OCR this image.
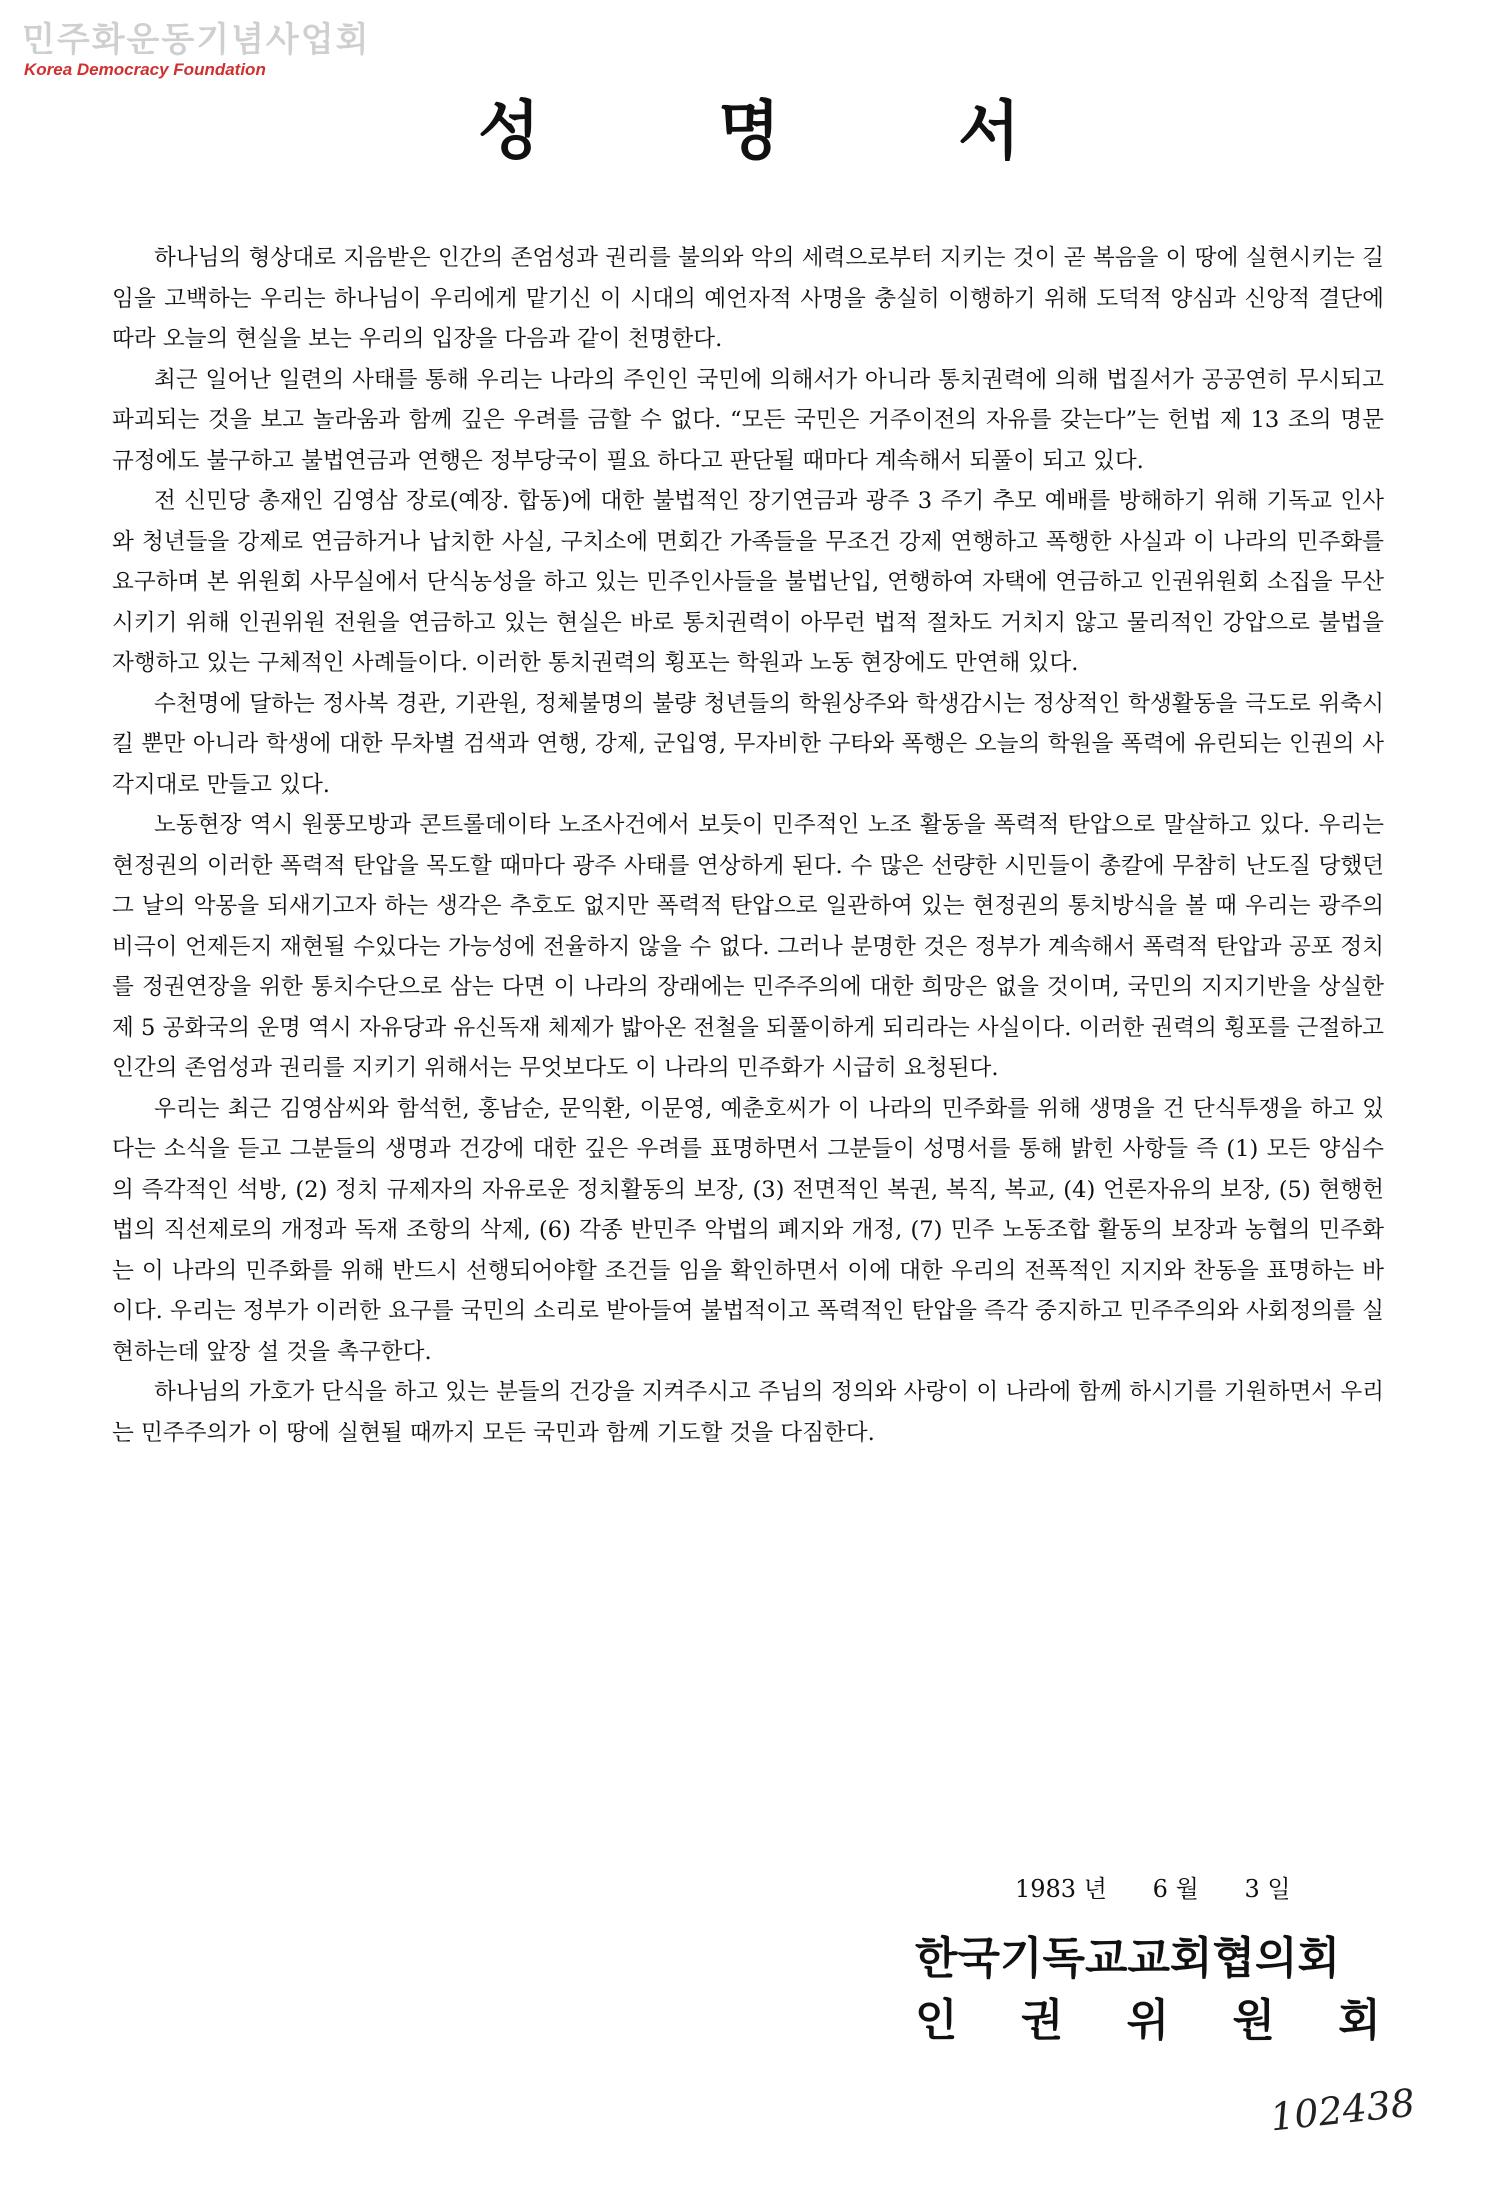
민주화운동기념사업회
Korea Democracy Foundation
성 명 서

하나님의 형상대로 지음받은 인간의 존엄성과 권리를 불의와 악의 세력으로부터 지키는 것이 곧 복음을 이 땅에 실현시키는 길임을 고백하는 우리는 하나님이 우리에게 맡기신 이 시대의 예언자적 사명을 충실히 이행하기 위해 도덕적 양심과 신앙적 결단에 따라 오늘의 현실을 보는 우리의 입장을 다음과 같이 천명한다.

최근 일어난 일련의 사태를 통해 우리는 나라의 주인인 국민에 의해서가 아니라 통치권력에 의해 법질서가 공공연히 무시되고 파괴되는 것을 보고 놀라움과 함께 깊은 우려를 금할 수 없다. “모든 국민은 거주이전의 자유를 갖는다”는 헌법 제 13 조의 명문 규정에도 불구하고 불법연금과 연행은 정부당국이 필요 하다고 판단될 때마다 계속해서 되풀이 되고 있다.

전 신민당 총재인 김영삼 장로(예장. 합동)에 대한 불법적인 장기연금과 광주 3 주기 추모 예배를 방해하기 위해 기독교 인사와 청년들을 강제로 연금하거나 납치한 사실, 구치소에 면회간 가족들을 무조건 강제 연행하고 폭행한 사실과 이 나라의 민주화를 요구하며 본 위원회 사무실에서 단식농성을 하고 있는 민주인사들을 불법난입, 연행하여 자택에 연금하고 인권위원회 소집을 무산시키기 위해 인권위원 전원을 연금하고 있는 현실은 바로 통치권력이 아무런 법적 절차도 거치지 않고 물리적인 강압으로 불법을 자행하고 있는 구체적인 사례들이다. 이러한 통치권력의 횡포는 학원과 노동 현장에도 만연해 있다.

수천명에 달하는 정사복 경관, 기관원, 정체불명의 불량 청년들의 학원상주와 학생감시는 정상적인 학생활동을 극도로 위축시킬 뿐만 아니라 학생에 대한 무차별 검색과 연행, 강제, 군입영, 무자비한 구타와 폭행은 오늘의 학원을 폭력에 유린되는 인권의 사각지대로 만들고 있다.

노동현장 역시 원풍모방과 콘트롤데이타 노조사건에서 보듯이 민주적인 노조 활동을 폭력적 탄압으로 말살하고 있다. 우리는 현정권의 이러한 폭력적 탄압을 목도할 때마다 광주 사태를 연상하게 된다. 수 많은 선량한 시민들이 총칼에 무참히 난도질 당했던 그 날의 악몽을 되새기고자 하는 생각은 추호도 없지만 폭력적 탄압으로 일관하여 있는 현정권의 통치방식을 볼 때 우리는 광주의 비극이 언제든지 재현될 수있다는 가능성에 전율하지 않을 수 없다. 그러나 분명한 것은 정부가 계속해서 폭력적 탄압과 공포 정치를 정권연장을 위한 통치수단으로 삼는 다면 이 나라의 장래에는 민주주의에 대한 희망은 없을 것이며, 국민의 지지기반을 상실한 제 5 공화국의 운명 역시 자유당과 유신독재 체제가 밟아온 전철을 되풀이하게 되리라는 사실이다. 이러한 권력의 횡포를 근절하고 인간의 존엄성과 권리를 지키기 위해서는 무엇보다도 이 나라의 민주화가 시급히 요청된다.

우리는 최근 김영삼씨와 함석헌, 홍남순, 문익환, 이문영, 예춘호씨가 이 나라의 민주화를 위해 생명을 건 단식투쟁을 하고 있다는 소식을 듣고 그분들의 생명과 건강에 대한 깊은 우려를 표명하면서 그분들이 성명서를 통해 밝힌 사항들 즉 (1) 모든 양심수의 즉각적인 석방, (2) 정치 규제자의 자유로운 정치활동의 보장, (3) 전면적인 복권, 복직, 복교, (4) 언론자유의 보장, (5) 현행헌법의 직선제로의 개정과 독재 조항의 삭제, (6) 각종 반민주 악법의 폐지와 개정, (7) 민주 노동조합 활동의 보장과 농협의 민주화는 이 나라의 민주화를 위해 반드시 선행되어야할 조건들 임을 확인하면서 이에 대한 우리의 전폭적인 지지와 찬동을 표명하는 바이다. 우리는 정부가 이러한 요구를 국민의 소리로 받아들여 불법적이고 폭력적인 탄압을 즉각 중지하고 민주주의와 사회정의를 실현하는데 앞장 설 것을 촉구한다.

하나님의 가호가 단식을 하고 있는 분들의 건강을 지켜주시고 주님의 정의와 사랑이 이 나라에 함께 하시기를 기원하면서 우리는 민주주의가 이 땅에 실현될 때까지 모든 국민과 함께 기도할 것을 다짐한다.

1983 년      6 월      3 일
한국기독교교회협의회
인 권 위 원 회
102438
